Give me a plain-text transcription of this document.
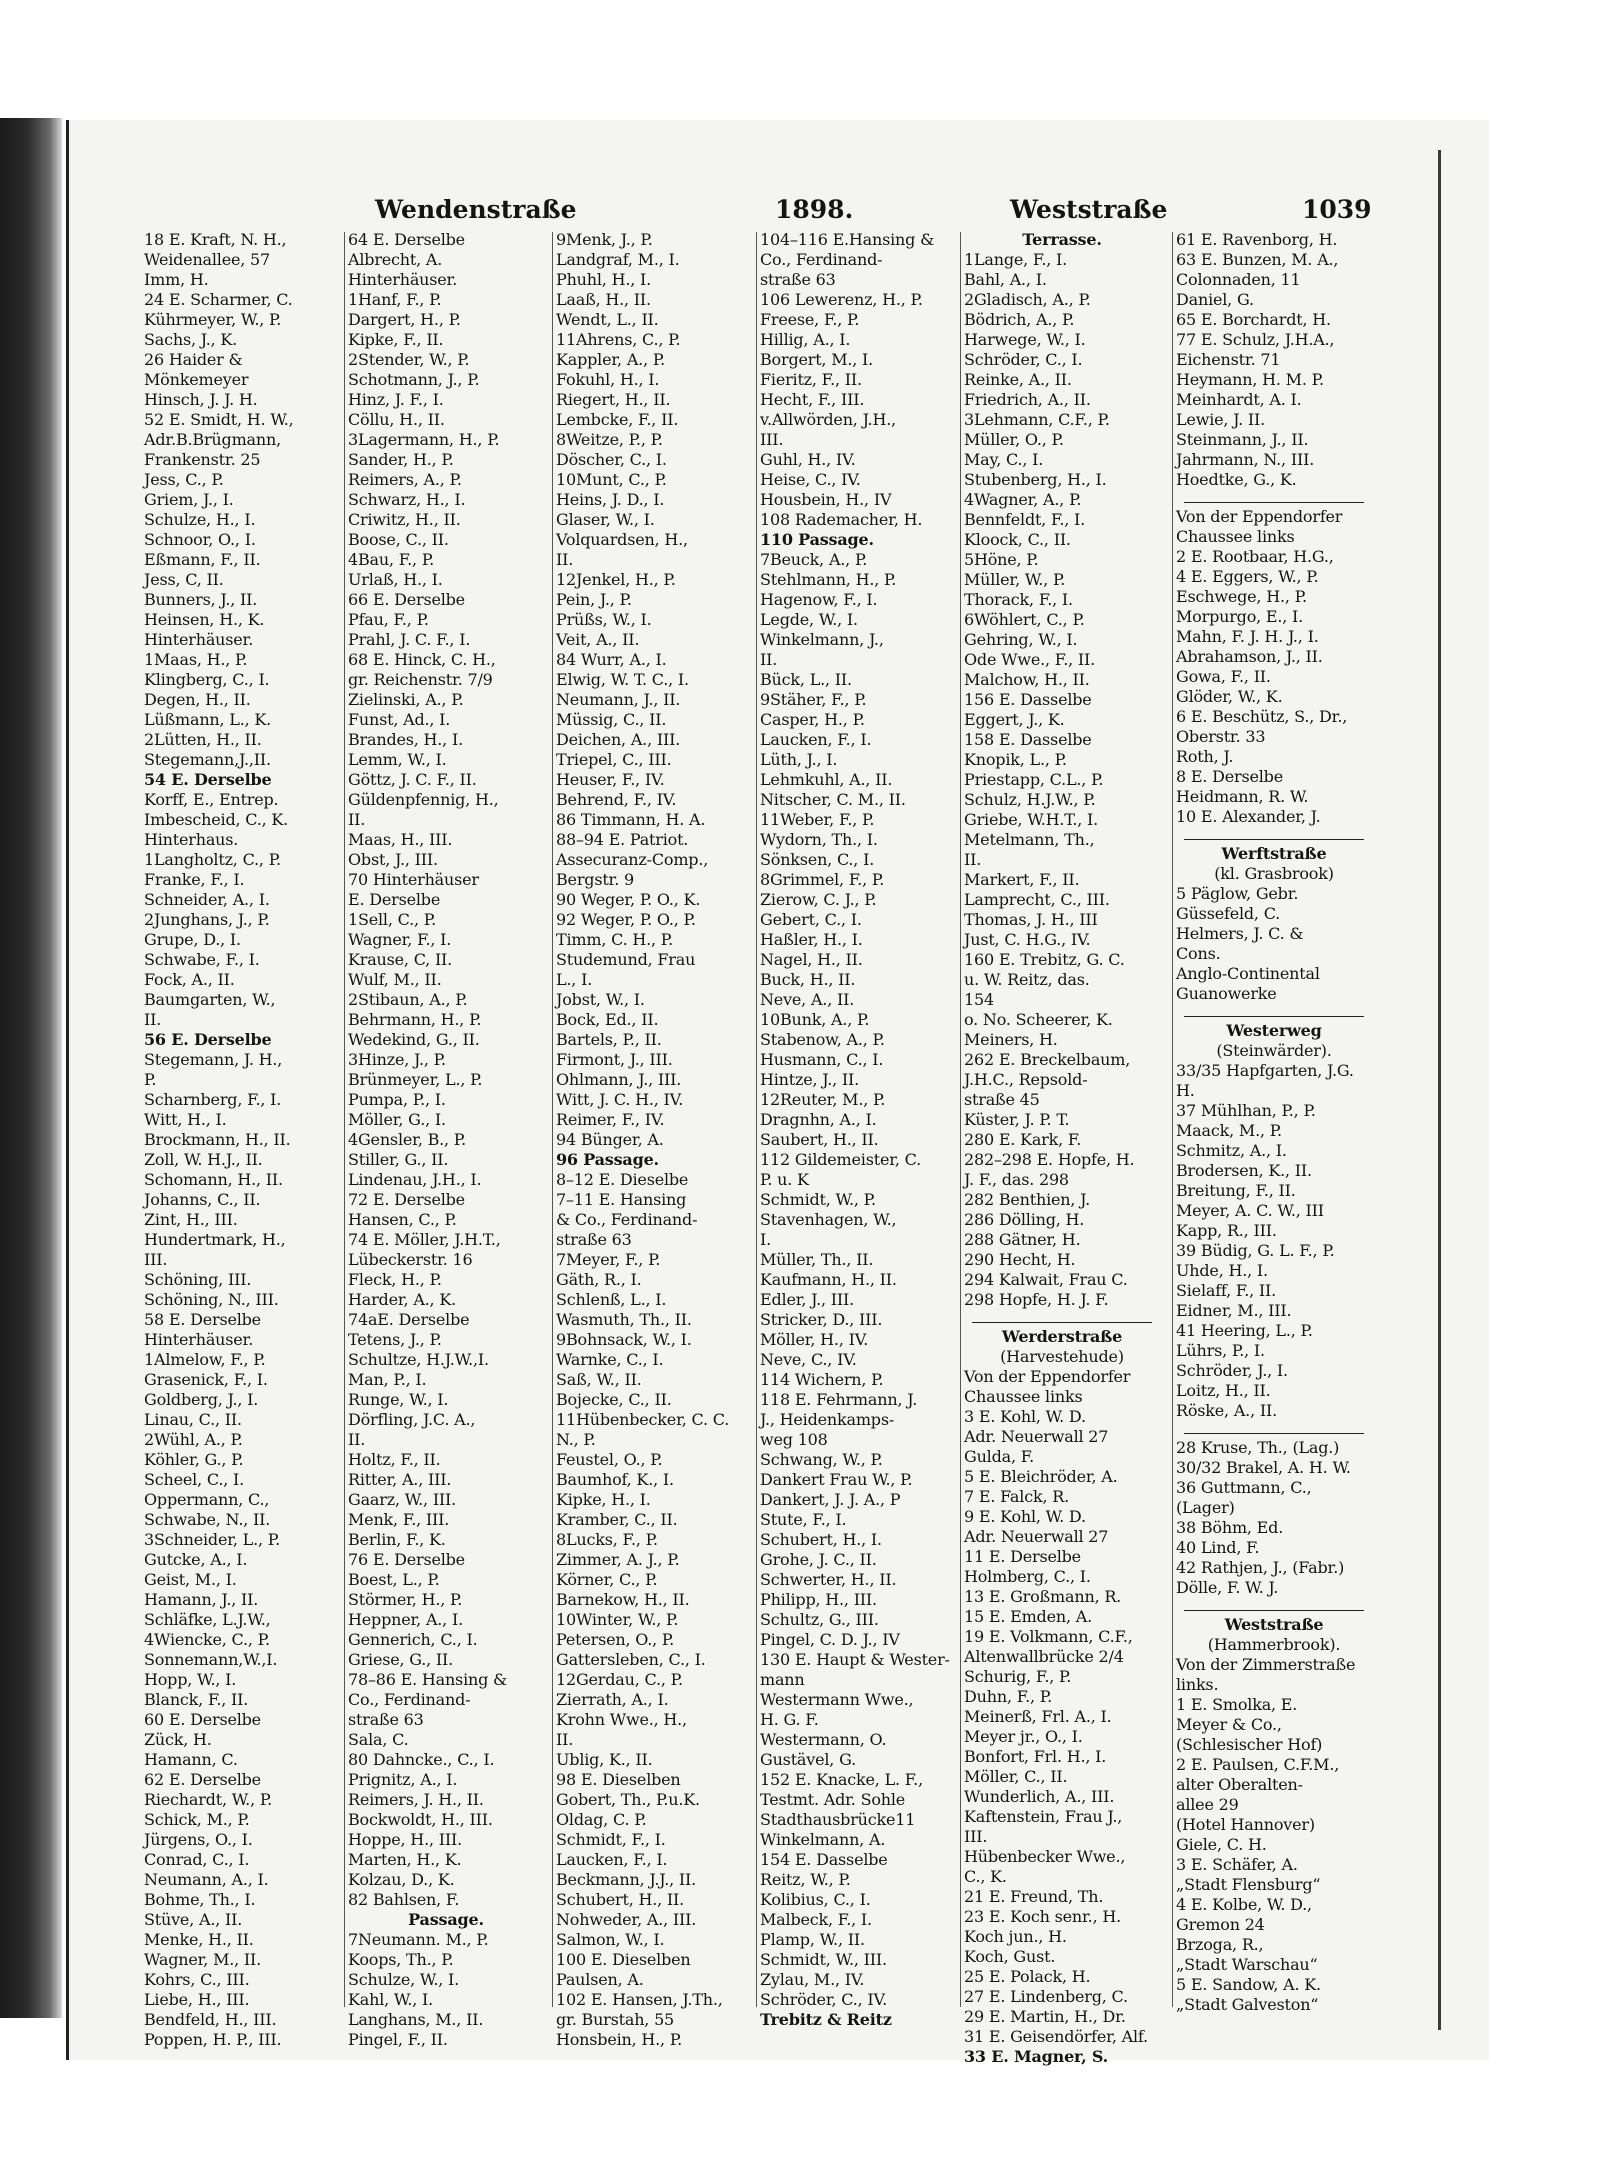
Wendenstraße	1898.	Weststraße	1039
18 E. Kraft, N. H.,
Weidenallee, 57
Imm, H.
24 E. Scharmer, C.
Kührmeyer, W., P.
Sachs, J., K.
26 Haider &
Mönkemeyer
Hinsch, J. J. H.
52 E. Smidt, H. W.,
Adr.B.Brügmann,
Frankenstr. 25
Jess, C., P.
Griem, J., I.
Schulze, H., I.
Schnoor, O., I.
Eßmann, F., II.
Jess, C, II.
Bunners, J., II.
Heinsen, H., K.
Hinterhäuser.
1Maas, H., P.
Klingberg, C., I.
Degen, H., II.
Lüßmann, L., K.
2Lütten, H., II.
Stegemann,J.,II.
54 E. Derselbe
Korff, E., Entrep.
Imbescheid, C., K.
Hinterhaus.
1Langholtz, C., P.
Franke, F., I.
Schneider, A., I.
2Junghans, J., P.
Grupe, D., I.
Schwabe, F., I.
Fock, A., II.
Baumgarten, W.,
II.
56 E. Derselbe
Stegemann, J. H.,
P.
Scharnberg, F., I.
Witt, H., I.
Brockmann, H., II.
Zoll, W. H.J., II.
Schomann, H., II.
Johanns, C., II.
Zint, H., III.
Hundertmark, H.,
III.
Schöning, III.
Schöning, N., III.
58 E. Derselbe
Hinterhäuser.
1Almelow, F., P.
Grasenick, F., I.
Goldberg, J., I.
Linau, C., II.
2Wühl, A., P.
Köhler, G., P.
Scheel, C., I.
Oppermann, C.,
Schwabe, N., II.
3Schneider, L., P.
Gutcke, A., I.
Geist, M., I.
Hamann, J., II.
Schläfke, L.J.W.,
4Wiencke, C., P.
Sonnemann,W.,I.
Hopp, W., I.
Blanck, F., II.
60 E. Derselbe
Zück, H.
Hamann, C.
62 E. Derselbe
Riechardt, W., P.
Schick, M., P.
Jürgens, O., I.
Conrad, C., I.
Neumann, A., I.
Bohme, Th., I.
Stüve, A., II.
Menke, H., II.
Wagner, M., II.
Kohrs, C., III.
Liebe, H., III.
Bendfeld, H., III.
Poppen, H. P., III.
64 E. Derselbe
Albrecht, A.
Hinterhäuser.
1Hanf, F., P.
Dargert, H., P.
Kipke, F., II.
2Stender, W., P.
Schotmann, J., P.
Hinz, J. F., I.
Cöllu, H., II.
3Lagermann, H., P.
Sander, H., P.
Reimers, A., P.
Schwarz, H., I.
Criwitz, H., II.
Boose, C., II.
4Bau, F., P.
Urlaß, H., I.
66 E. Derselbe
Pfau, F., P.
Prahl, J. C. F., I.
68 E. Hinck, C. H.,
gr. Reichenstr. 7/9
Zielinski, A., P.
Funst, Ad., I.
Brandes, H., I.
Lemm, W., I.
Göttz, J. C. F., II.
Güldenpfennig, H.,
II.
Maas, H., III.
Obst, J., III.
70 Hinterhäuser
E. Derselbe
1Sell, C., P.
Wagner, F., I.
Krause, C, II.
Wulf, M., II.
2Stibaun, A., P.
Behrmann, H., P.
Wedekind, G., II.
3Hinze, J., P.
Brünmeyer, L., P.
Pumpa, P., I.
Möller, G., I.
4Gensler, B., P.
Stiller, G., II.
Lindenau, J.H., I.
72 E. Derselbe
Hansen, C., P.
74 E. Möller, J.H.T.,
Lübeckerstr. 16
Fleck, H., P.
Harder, A., K.
74aE. Derselbe
Tetens, J., P.
Schultze, H.J.W.,I.
Man, P., I.
Runge, W., I.
Dörfling, J.C. A.,
II.
Holtz, F., II.
Ritter, A., III.
Gaarz, W., III.
Menk, F., III.
Berlin, F., K.
76 E. Derselbe
Boest, L., P.
Störmer, H., P.
Heppner, A., I.
Gennerich, C., I.
Griese, G., II.
78–86 E. Hansing &
Co., Ferdinand-
straße 63
Sala, C.
80 Dahncke., C., I.
Prignitz, A., I.
Reimers, J. H., II.
Bockwoldt, H., III.
Hoppe, H., III.
Marten, H., K.
Kolzau, D., K.
82 Bahlsen, F.
Passage.
7Neumann. M., P.
Koops, Th., P.
Schulze, W., I.
Kahl, W., I.
Langhans, M., II.
Pingel, F., II.
9Menk, J., P.
Landgraf, M., I.
Phuhl, H., I.
Laaß, H., II.
Wendt, L., II.
11Ahrens, C., P.
Kappler, A., P.
Fokuhl, H., I.
Riegert, H., II.
Lembcke, F., II.
8Weitze, P., P.
Döscher, C., I.
10Munt, C., P.
Heins, J. D., I.
Glaser, W., I.
Volquardsen, H.,
II.
12Jenkel, H., P.
Pein, J., P.
Prüßs, W., I.
Veit, A., II.
84 Wurr, A., I.
Elwig, W. T. C., I.
Neumann, J., II.
Müssig, C., II.
Deichen, A., III.
Triepel, C., III.
Heuser, F., IV.
Behrend, F., IV.
86 Timmann, H. A.
88–94 E. Patriot.
Assecuranz-Comp.,
Bergstr. 9
90 Weger, P. O., K.
92 Weger, P. O., P.
Timm, C. H., P.
Studemund, Frau
L., I.
Jobst, W., I.
Bock, Ed., II.
Bartels, P., II.
Firmont, J., III.
Ohlmann, J., III.
Witt, J. C. H., IV.
Reimer, F., IV.
94 Bünger, A.
96 Passage.
8–12 E. Dieselbe
7–11 E. Hansing
& Co., Ferdinand-
straße 63
7Meyer, F., P.
Gäth, R., I.
Schlenß, L., I.
Wasmuth, Th., II.
9Bohnsack, W., I.
Warnke, C., I.
Saß, W., II.
Bojecke, C., II.
11Hübenbecker, C. C.
N., P.
Feustel, O., P.
Baumhof, K., I.
Kipke, H., I.
Kramber, C., II.
8Lucks, F., P.
Zimmer, A. J., P.
Körner, C., P.
Barnekow, H., II.
10Winter, W., P.
Petersen, O., P.
Gattersleben, C., I.
12Gerdau, C., P.
Zierrath, A., I.
Krohn Wwe., H.,
II.
Ublig, K., II.
98 E. Dieselben
Gobert, Th., P.u.K.
Oldag, C. P.
Schmidt, F., I.
Laucken, F., I.
Beckmann, J.J., II.
Schubert, H., II.
Nohweder, A., III.
Salmon, W., I.
100 E. Dieselben
Paulsen, A.
102 E. Hansen, J.Th.,
gr. Burstah, 55
Honsbein, H., P.
104–116 E.Hansing &
Co., Ferdinand-
straße 63
106 Lewerenz, H., P.
Freese, F., P.
Hillig, A., I.
Borgert, M., I.
Fieritz, F., II.
Hecht, F., III.
v.Allwörden, J.H.,
III.
Guhl, H., IV.
Heise, C., IV.
Housbein, H., IV
108 Rademacher, H.
110 Passage.
7Beuck, A., P.
Stehlmann, H., P.
Hagenow, F., I.
Legde, W., I.
Winkelmann, J.,
II.
Bück, L., II.
9Stäher, F., P.
Casper, H., P.
Laucken, F., I.
Lüth, J., I.
Lehmkuhl, A., II.
Nitscher, C. M., II.
11Weber, F., P.
Wydorn, Th., I.
Sönksen, C., I.
8Grimmel, F., P.
Zierow, C. J., P.
Gebert, C., I.
Haßler, H., I.
Nagel, H., II.
Buck, H., II.
Neve, A., II.
10Bunk, A., P.
Stabenow, A., P.
Husmann, C., I.
Hintze, J., II.
12Reuter, M., P.
Dragnhn, A., I.
Saubert, H., II.
112 Gildemeister, C.
P. u. K
Schmidt, W., P.
Stavenhagen, W.,
I.
Müller, Th., II.
Kaufmann, H., II.
Edler, J., III.
Stricker, D., III.
Möller, H., IV.
Neve, C., IV.
114 Wichern, P.
118 E. Fehrmann, J.
J., Heidenkamps-
weg 108
Schwang, W., P.
Dankert Frau W., P.
Dankert, J. J. A., P
Stute, F., I.
Schubert, H., I.
Grohe, J. C., II.
Schwerter, H., II.
Philipp, H., III.
Schultz, G., III.
Pingel, C. D. J., IV
130 E. Haupt & Wester-
mann
Westermann Wwe.,
H. G. F.
Westermann, O.
Gustävel, G.
152 E. Knacke, L. F.,
Testmt. Adr. Sohle
Stadthausbrücke11
Winkelmann, A.
154 E. Dasselbe
Reitz, W., P.
Kolibius, C., I.
Malbeck, F., I.
Plamp, W., II.
Schmidt, W., III.
Zylau, M., IV.
Schröder, C., IV.
Trebitz & Reitz
Terrasse.
1Lange, F., I.
Bahl, A., I.
2Gladisch, A., P.
Bödrich, A., P.
Harwege, W., I.
Schröder, C., I.
Reinke, A., II.
Friedrich, A., II.
3Lehmann, C.F., P.
Müller, O., P.
May, C., I.
Stubenberg, H., I.
4Wagner, A., P.
Bennfeldt, F., I.
Kloock, C., II.
5Höne, P.
Müller, W., P.
Thorack, F., I.
6Wöhlert, C., P.
Gehring, W., I.
Ode Wwe., F., II.
Malchow, H., II.
156 E. Dasselbe
Eggert, J., K.
158 E. Dasselbe
Knopik, L., P.
Priestapp, C.L., P.
Schulz, H.J.W., P.
Griebe, W.H.T., I.
Metelmann, Th.,
II.
Markert, F., II.
Lamprecht, C., III.
Thomas, J. H., III
Just, C. H.G., IV.
160 E. Trebitz, G. C.
u. W. Reitz, das.
154
o. No. Scheerer, K.
Meiners, H.
262 E. Breckelbaum,
J.H.C., Repsold-
straße 45
Küster, J. P. T.
280 E. Kark, F.
282–298 E. Hopfe, H.
J. F., das. 298
282 Benthien, J.
286 Dölling, H.
288 Gätner, H.
290 Hecht, H.
294 Kalwait, Frau C.
298 Hopfe, H. J. F.
Werderstraße
(Harvestehude)
Von der Eppendorfer
Chaussee links
3 E. Kohl, W. D.
Adr. Neuerwall 27
Gulda, F.
5 E. Bleichröder, A.
7 E. Falck, R.
9 E. Kohl, W. D.
Adr. Neuerwall 27
11 E. Derselbe
Holmberg, C., I.
13 E. Großmann, R.
15 E. Emden, A.
19 E. Volkmann, C.F.,
Altenwallbrücke 2/4
Schurig, F., P.
Duhn, F., P.
Meinerß, Frl. A., I.
Meyer jr., O., I.
Bonfort, Frl. H., I.
Möller, C., II.
Wunderlich, A., III.
Kaftenstein, Frau J.,
III.
Hübenbecker Wwe.,
C., K.
21 E. Freund, Th.
23 E. Koch senr., H.
Koch jun., H.
Koch, Gust.
25 E. Polack, H.
27 E. Lindenberg, C.
29 E. Martin, H., Dr.
31 E. Geisendörfer, Alf.
33 E. Magner, S.
61 E. Ravenborg, H.
63 E. Bunzen, M. A.,
Colonnaden, 11
Daniel, G.
65 E. Borchardt, H.
77 E. Schulz, J.H.A.,
Eichenstr. 71
Heymann, H. M. P.
Meinhardt, A. I.
Lewie, J. II.
Steinmann, J., II.
Jahrmann, N., III.
Hoedtke, G., K.
Von der Eppendorfer
Chaussee links
2 E. Rootbaar, H.G.,
4 E. Eggers, W., P.
Eschwege, H., P.
Morpurgo, E., I.
Mahn, F. J. H. J., I.
Abrahamson, J., II.
Gowa, F., II.
Glöder, W., K.
6 E. Beschütz, S., Dr.,
Oberstr. 33
Roth, J.
8 E. Derselbe
Heidmann, R. W.
10 E. Alexander, J.
Werftstraße
(kl. Grasbrook)
5 Päglow, Gebr.
Güssefeld, C.
Helmers, J. C. &
Cons.
Anglo-Continental
Guanowerke
Westerweg
(Steinwärder).
33/35 Hapfgarten, J.G.
H.
37 Mühlhan, P., P.
Maack, M., P.
Schmitz, A., I.
Brodersen, K., II.
Breitung, F., II.
Meyer, A. C. W., III
Kapp, R., III.
39 Büdig, G. L. F., P.
Uhde, H., I.
Sielaff, F., II.
Eidner, M., III.
41 Heering, L., P.
Lührs, P., I.
Schröder, J., I.
Loitz, H., II.
Röske, A., II.
28 Kruse, Th., (Lag.)
30/32 Brakel, A. H. W.
36 Guttmann, C.,
(Lager)
38 Böhm, Ed.
40 Lind, F.
42 Rathjen, J., (Fabr.)
Dölle, F. W. J.
Weststraße
(Hammerbrook).
Von der Zimmerstraße
links.
1 E. Smolka, E.
Meyer & Co.,
(Schlesischer Hof)
2 E. Paulsen, C.F.M.,
alter Oberalten-
allee 29
(Hotel Hannover)
Giele, C. H.
3 E. Schäfer, A.
„Stadt Flensburg“
4 E. Kolbe, W. D.,
Gremon 24
Brzoga, R.,
„Stadt Warschau“
5 E. Sandow, A. K.
„Stadt Galveston“
